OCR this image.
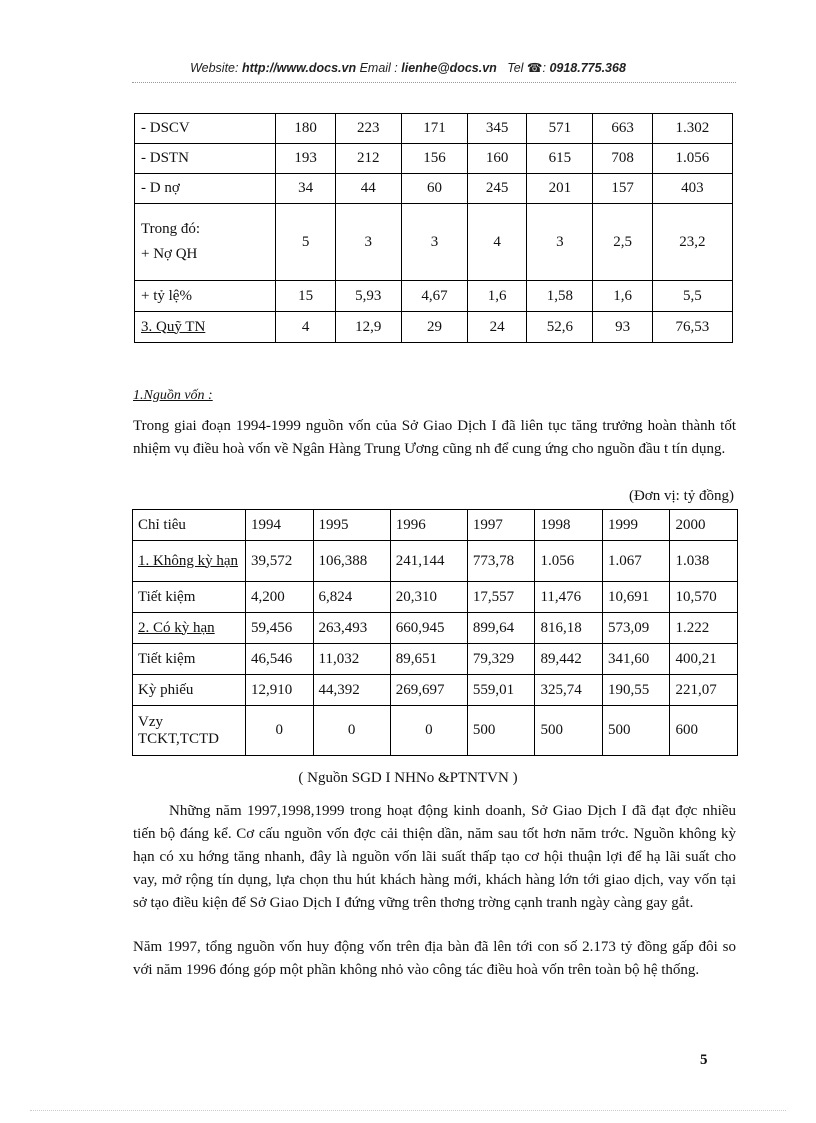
Website: http://www.docs.vn Email : lienhe@docs.vn Tel ☎: 0918.775.368
- DSCV	180	223	171	345	571	663	1.302
- DSTN	193	212	156	160	615	708	1.056
- D nợ	34	44	60	245	201	157	403

Trong đó:
+ Nợ QH	5	3	3	4	3	2,5	23,2
+ tỷ lệ%	15	5,93	4,67	1,6	1,58	1,6	5,5
3. Quỹ TN	4	12,9	29	24	52,6	93	76,53
1.Nguồn vốn :
Trong giai đoạn 1994-1999 nguồn vốn của Sở Giao Dịch I đã liên tục tăng trưởng hoàn thành tốt nhiệm vụ điều hoà vốn về Ngân Hàng Trung Ương cũng nh để cung ứng cho nguồn đầu t tín dụng.
(Đơn vị: tỷ đồng)
Chỉ tiêu	1994	1995	1996	1997	1998	1999	2000
1. Không kỳ hạn	39,572	106,388	241,144	773,78	1.056	1.067	1.038
Tiết kiệm	4,200	6,824	20,310	17,557	11,476	10,691	10,570
2. Có kỳ hạn	59,456	263,493	660,945	899,64	816,18	573,09	1.222
Tiết kiệm	46,546	11,032	89,651	79,329	89,442	341,60	400,21
Kỳ phiếu	12,910	44,392	269,697	559,01	325,74	190,55	221,07
Vzy TCKT,TCTD	0	0	0	500	500	500	600
( Nguồn SGD I NHNo &PTNTVN )
Những năm 1997,1998,1999 trong hoạt động kinh doanh, Sở Giao Dịch I đã đạt đợc nhiều tiến bộ đáng kể. Cơ cấu nguồn vốn đợc cải thiện dần, năm sau tốt hơn năm trớc. Nguồn không kỳ hạn có xu hớng tăng nhanh, đây là nguồn vốn lãi suất thấp tạo cơ hội thuận lợi để hạ lãi suất cho vay, mở rộng tín dụng, lựa chọn thu hút khách hàng mới, khách hàng lớn tới giao dịch, vay vốn tại sở tạo điều kiện để Sở Giao Dịch I đứng vững trên thơng trờng cạnh tranh ngày càng gay gắt.
Năm 1997, tổng nguồn vốn huy động vốn trên địa bàn đã lên tới con số 2.173 tỷ đồng gấp đôi so với năm 1996 đóng góp một phần không nhỏ vào công tác điều hoà vốn trên toàn bộ hệ thống.
5
